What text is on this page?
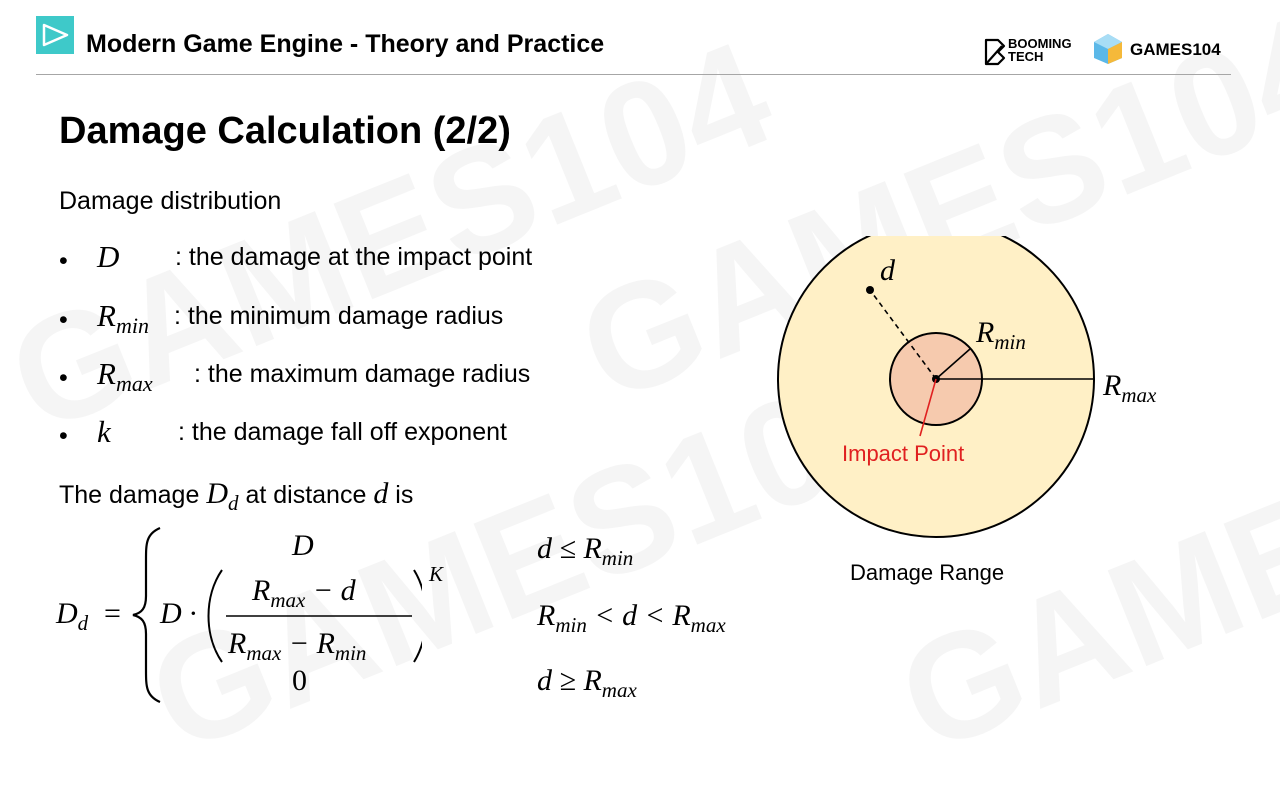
Modern Game Engine - Theory and Practice	BOOMING TECH	GAMES104
Damage Calculation (2/2)
Damage distribution
• D : the damage at the impact point
• $R_{min}$ : the minimum damage radius
• $R_{max}$ : the maximum damage radius
• k	: the damage fall off exponent
The damage $D_d$ at distance d is
$D_d$ =
D	$d \le R_{min}$
D ·
$R_{max} - d$
$R_{max} - R_{min}$
K
$R_{min} < d < R_{max}$
0	$d \ge R_{max}$
d
$R_{min}$
$R_{max}$
Impact Point
Damage Range
